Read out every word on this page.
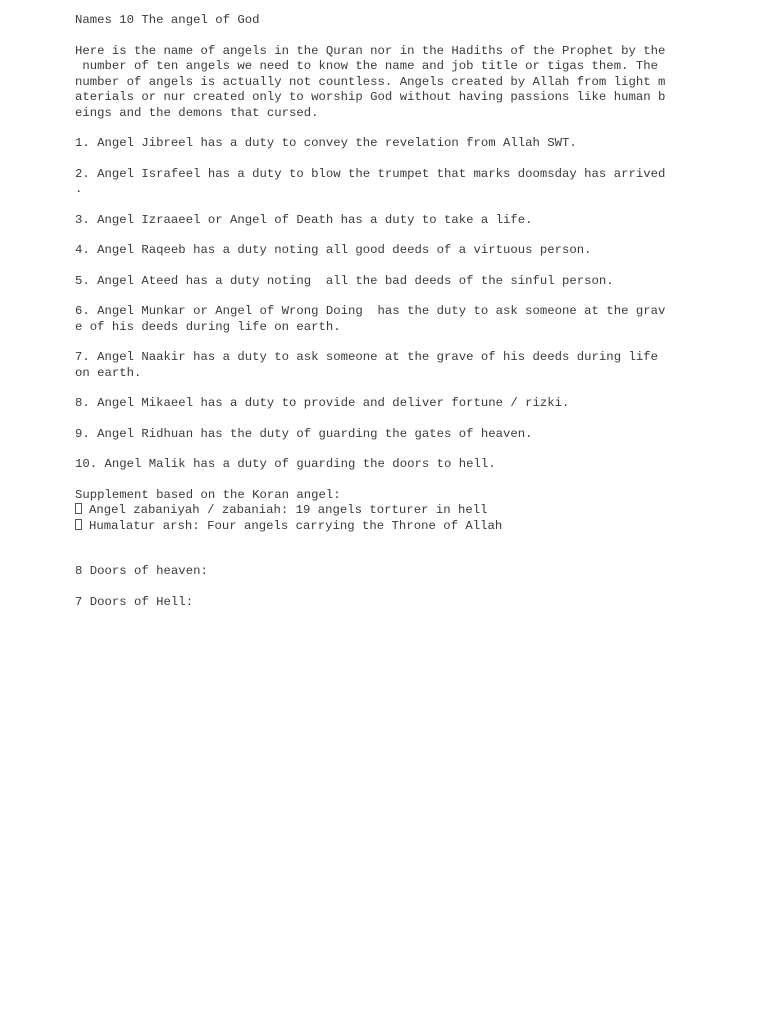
Names 10 The angel of God
Here is the name of angels in the Quran nor in the Hadiths of the Prophet by the
number of ten angels we need to know the name and job title or tigas them. The
number of angels is actually not countless. Angels created by Allah from light m
aterials or nur created only to worship God without having passions like human b
eings and the demons that cursed.
1. Angel Jibreel has a duty to convey the revelation from Allah SWT.
2. Angel Israfeel has a duty to blow the trumpet that marks doomsday has arrived
.
3. Angel Izraaeel or Angel of Death has a duty to take a life.
4. Angel Raqeeb has a duty noting all good deeds of a virtuous person.
5. Angel Ateed has a duty noting  all the bad deeds of the sinful person.
6. Angel Munkar or Angel of Wrong Doing  has the duty to ask someone at the grav
e of his deeds during life on earth.
7. Angel Naakir has a duty to ask someone at the grave of his deeds during life
on earth.
8. Angel Mikaeel has a duty to provide and deliver fortune / rizki.
9. Angel Ridhuan has the duty of guarding the gates of heaven.
10. Angel Malik has a duty of guarding the doors to hell.
Supplement based on the Koran angel:
Angel zabaniyah / zabaniah: 19 angels torturer in hell
Humalatur arsh: Four angels carrying the Throne of Allah
8 Doors of heaven:
7 Doors of Hell:
